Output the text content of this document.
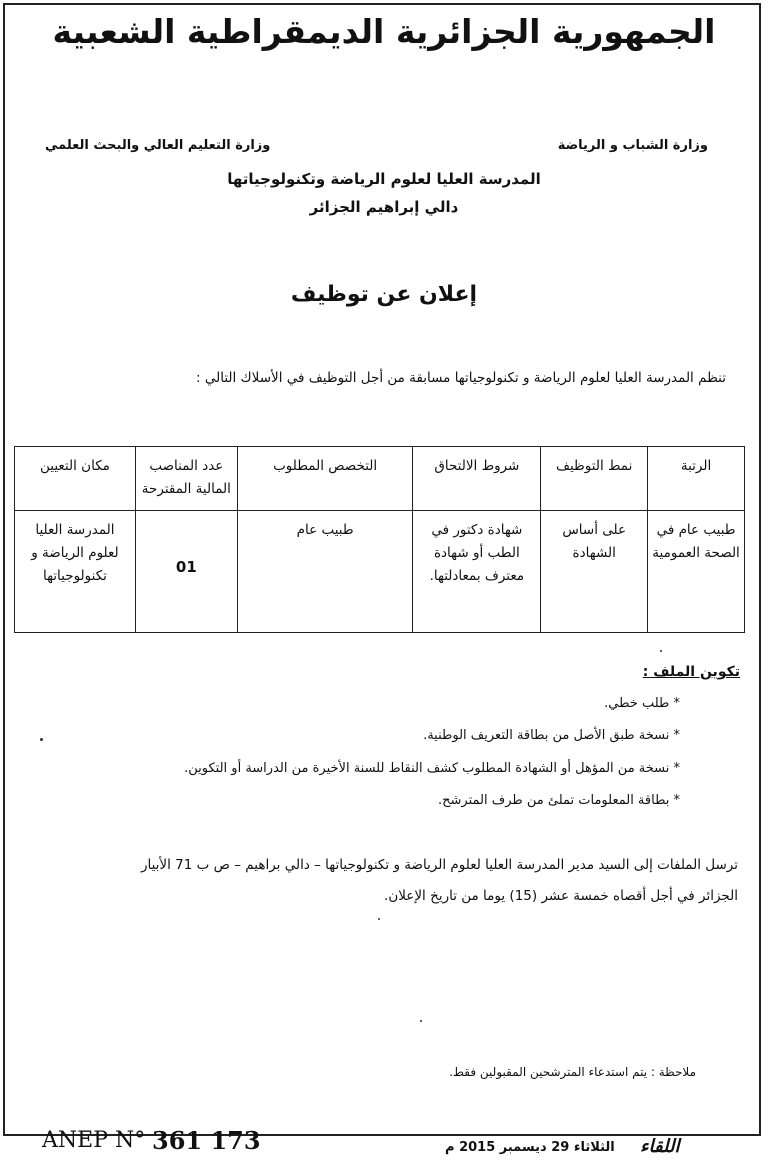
الجمهورية الجزائرية الديمقراطية الشعبية
وزارة الشباب و الرياضة
وزارة التعليم العالي والبحث العلمي
المدرسة العليا لعلوم الرياضة وتكنولوجياتها
دالي إبراهيم الجزائر
إعلان عن توظيف
تنظم المدرسة العليا لعلوم الرياضة و تكنولوجياتها مسابقة من أجل التوظيف في الأسلاك التالي :
الرتبة	نمط التوظيف	شروط الالتحاق	التخصص المطلوب	عدد المناصب المالية المقترحة	مكان التعيين
طبيب عام في الصحة العمومية	على أساس الشهادة	شهادة دكتور في الطب أو شهادة معترف بمعادلتها.	طبيب عام	01	المدرسة العليا لعلوم الرياضة و تكنولوجياتها
تكوين الملف :
* طلب خطي.
* نسخة طبق الأصل من بطاقة التعريف الوطنية.
* نسخة من المؤهل أو الشهادة المطلوب كشف النقاط للسنة الأخيرة من الدراسة أو التكوين.
* بطاقة المعلومات تملئ من طرف المترشح.
ترسل الملفات إلى السيد مدير المدرسة العليا لعلوم الرياضة و تكنولوجياتها – دالي براهيم – ص ب 71 الأبيار
الجزائر في أجل أقصاه خمسة عشر (15) يوما من تاريخ الإعلان.
ملاحظة : يتم استدعاء المترشحين المقبولين فقط.
ANEP N° 361 173	الثلاثاء 29 ديسمبر 2015 م اللقاء
